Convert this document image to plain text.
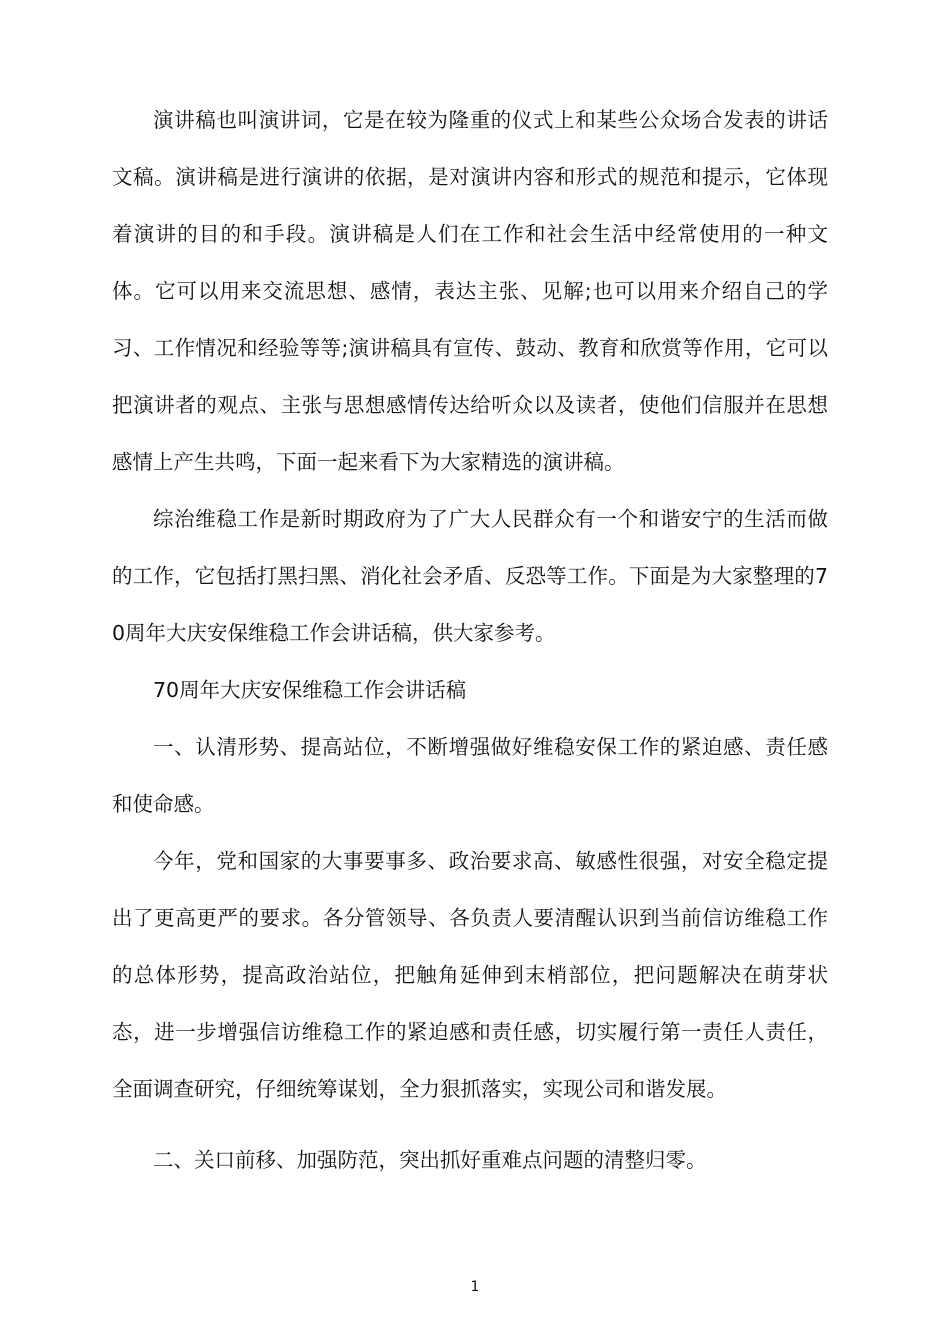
演讲稿也叫演讲词，它是在较为隆重的仪式上和某些公众场合发表的讲话文稿。演讲稿是进行演讲的依据，是对演讲内容和形式的规范和提示，它体现着演讲的目的和手段。演讲稿是人们在工作和社会生活中经常使用的一种文体。它可以用来交流思想、感情，表达主张、见解;也可以用来介绍自己的学习、工作情况和经验等等;演讲稿具有宣传、鼓动、教育和欣赏等作用，它可以把演讲者的观点、主张与思想感情传达给听众以及读者，使他们信服并在思想感情上产生共鸣，下面一起来看下为大家精选的演讲稿。

综治维稳工作是新时期政府为了广大人民群众有一个和谐安宁的生活而做的工作，它包括打黑扫黑、消化社会矛盾、反恐等工作。下面是为大家整理的70周年大庆安保维稳工作会讲话稿，供大家参考。

70周年大庆安保维稳工作会讲话稿

一、认清形势、提高站位，不断增强做好维稳安保工作的紧迫感、责任感和使命感。

今年，党和国家的大事要事多、政治要求高、敏感性很强，对安全稳定提出了更高更严的要求。各分管领导、各负责人要清醒认识到当前信访维稳工作的总体形势，提高政治站位，把触角延伸到末梢部位，把问题解决在萌芽状态，进一步增强信访维稳工作的紧迫感和责任感，切实履行第一责任人责任，全面调查研究，仔细统筹谋划，全力狠抓落实，实现公司和谐发展。

二、关口前移、加强防范，突出抓好重难点问题的清整归零。

1
